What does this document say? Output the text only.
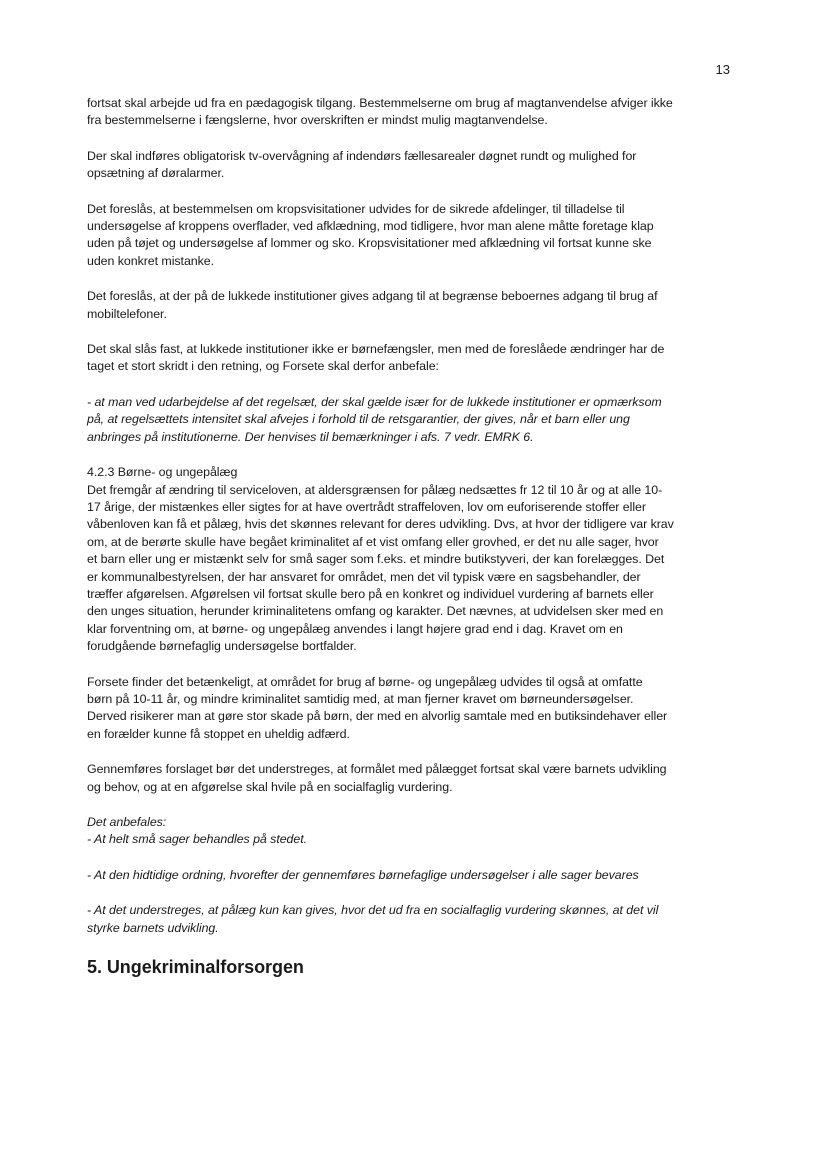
13

fortsat skal arbejde ud fra en pædagogisk tilgang. Bestemmelserne om brug af magtanvendelse afviger ikke
fra bestemmelserne i fængslerne, hvor overskriften er mindst mulig magtanvendelse.

Der skal indføres obligatorisk tv-overvågning af indendørs fællesarealer døgnet rundt og mulighed for
opsætning af døralarmer.

Det foreslås, at bestemmelsen om kropsvisitationer udvides for de sikrede afdelinger, til tilladelse til
undersøgelse af kroppens overflader, ved afklædning, mod tidligere, hvor man alene måtte foretage klap
uden på tøjet og undersøgelse af lommer og sko. Kropsvisitationer med afklædning vil fortsat kunne ske
uden konkret mistanke.

Det foreslås, at der på de lukkede institutioner gives adgang til at begrænse beboernes adgang til brug af
mobiltelefoner.

Det skal slås fast, at lukkede institutioner ikke er børnefængsler, men med de foreslåede ændringer har de
taget et stort skridt i den retning, og Forsete skal derfor anbefale:

- at man ved udarbejdelse af det regelsæt, der skal gælde især for de lukkede institutioner er opmærksom
på, at regelsættets intensitet skal afvejes i forhold til de retsgarantier, der gives, når et barn eller ung
anbringes på institutionerne. Der henvises til bemærkninger i afs. 7 vedr. EMRK 6.

4.2.3 Børne- og ungepålæg
Det fremgår af ændring til serviceloven, at aldersgrænsen for pålæg nedsættes fr 12 til 10 år og at alle 10-
17 årige, der mistænkes eller sigtes for at have overtrådt straffeloven, lov om euforiserende stoffer eller
våbenloven kan få et pålæg, hvis det skønnes relevant for deres udvikling. Dvs, at hvor der tidligere var krav
om, at de berørte skulle have begået kriminalitet af et vist omfang eller grovhed, er det nu alle sager, hvor
et barn eller ung er mistænkt selv for små sager som f.eks. et mindre butikstyveri, der kan forelægges. Det
er kommunalbestyrelsen, der har ansvaret for området, men det vil typisk være en sagsbehandler, der
træffer afgørelsen. Afgørelsen vil fortsat skulle bero på en konkret og individuel vurdering af barnets eller
den unges situation, herunder kriminalitetens omfang og karakter. Det nævnes, at udvidelsen sker med en
klar forventning om, at børne- og ungepålæg anvendes i langt højere grad end i dag. Kravet om en
forudgående børnefaglig undersøgelse bortfalder.

Forsete finder det betænkeligt, at området for brug af børne- og ungepålæg udvides til også at omfatte
børn på 10-11 år, og mindre kriminalitet samtidig med, at man fjerner kravet om børneundersøgelser.
Derved risikerer man at gøre stor skade på børn, der med en alvorlig samtale med en butiksindehaver eller
en forælder kunne få stoppet en uheldig adfærd.

Gennemføres forslaget bør det understreges, at formålet med pålægget fortsat skal være barnets udvikling
og behov, og at en afgørelse skal hvile på en socialfaglig vurdering.

Det anbefales:
- At helt små sager behandles på stedet.

- At den hidtidige ordning, hvorefter der gennemføres børnefaglige undersøgelser i alle sager bevares

- At det understreges, at pålæg kun kan gives, hvor det ud fra en socialfaglig vurdering skønnes, at det vil
styrke barnets udvikling.

5. Ungekriminalforsorgen
